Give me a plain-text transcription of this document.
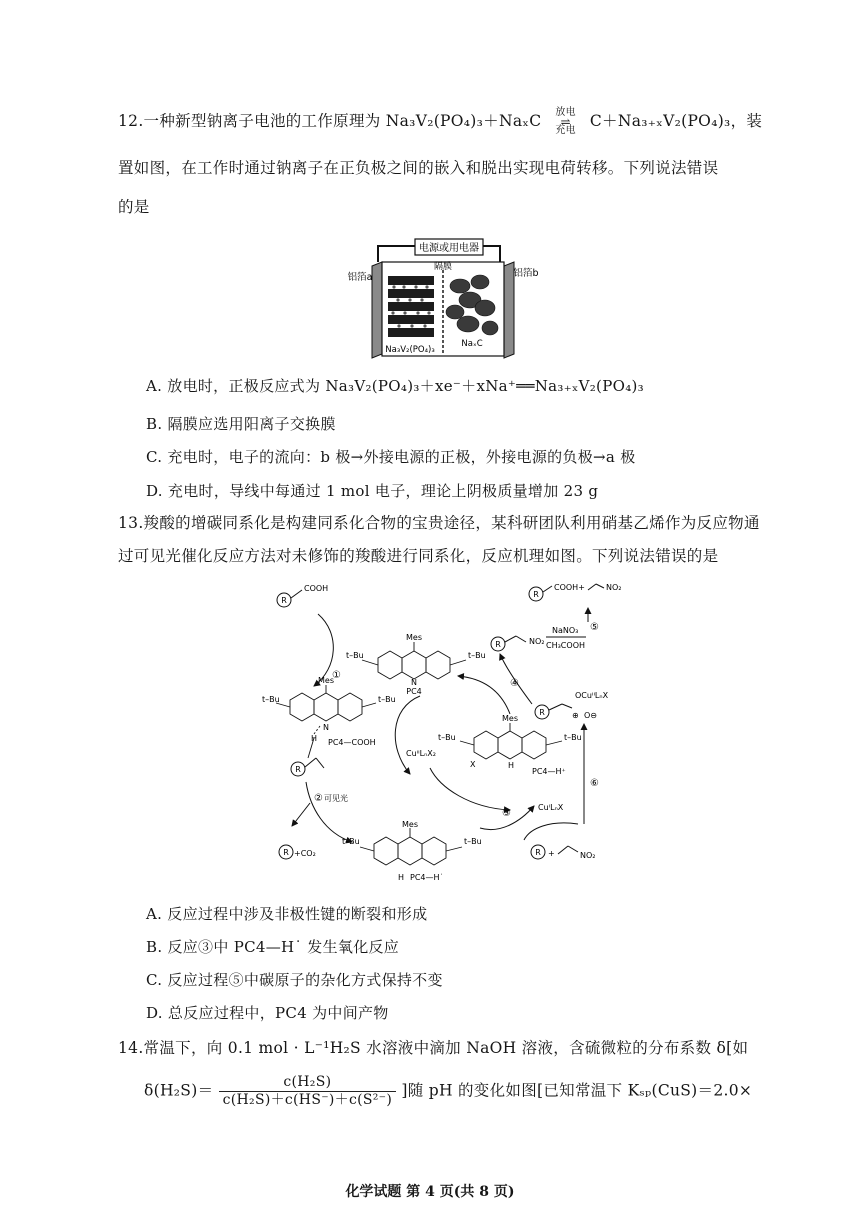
12.一种新型钠离子电池的工作原理为 Na₃V₂(PO₄)₃＋NaₓC	放电
⇌
充电
C＋Na₃₊ₓV₂(PO₄)₃，装
置如图，在工作时通过钠离子在正负极之间的嵌入和脱出实现电荷转移。下列说法错误
的是
电源或用电器
隔膜
铝箔a	铝箔b
Na₃V₂(PO₄)₃
NaₓC
A. 放电时，正极反应式为 Na₃V₂(PO₄)₃＋xe⁻＋xNa⁺══Na₃₊ₓV₂(PO₄)₃
B. 隔膜应选用阳离子交换膜
C. 充电时，电子的流向：b 极→外接电源的正极，外接电源的负极→a 极
D. 充电时，导线中每通过 1 mol 电子，理论上阴极质量增加 23 g
13.羧酸的增碳同系化是构建同系化合物的宝贵途径，某科研团队利用硝基乙烯作为反应物通
过可见光催化反应方法对未修饰的羧酸进行同系化，反应机理如图。下列说法错误的是
R
COOH
①
Mes
t–Bu	t–Bu
N
PC4
Mes
t–Bu	t–Bu
N
H PC4—COOH
R
② 可见光
R +CO₂
Mes
t–Bu	t–Bu
H PC4—H˙
CuᴵᴵLₙX₂
③
CuᴵLₙX
Mes
t–Bu	t–Bu
X	H
PC4—H⁺
R
OCuᴵᴵLₙX
⊕ O⊖
R +	NO₂
⑥
④
R	NO₂
NaNO₃
CH₃COOH
⑤
R
COOH+	NO₂
A. 反应过程中涉及非极性键的断裂和形成
B. 反应③中 PC4—H˙ 发生氧化反应
C. 反应过程⑤中碳原子的杂化方式保持不变
D. 总反应过程中，PC4 为中间产物
14.常温下，向 0.1 mol · L⁻¹H₂S 水溶液中滴加 NaOH 溶液，含硫微粒的分布系数 δ[如
$\delta(H_2S)= \frac{\text{c(H₂S)}}{\text{c(H₂S)＋c(HS⁻)＋c(S²⁻)}}$ ]随 pH 的变化如图[已知常温下 Kₛₚ(CuS)＝2.0×
化学试题 第 4 页(共 8 页)
